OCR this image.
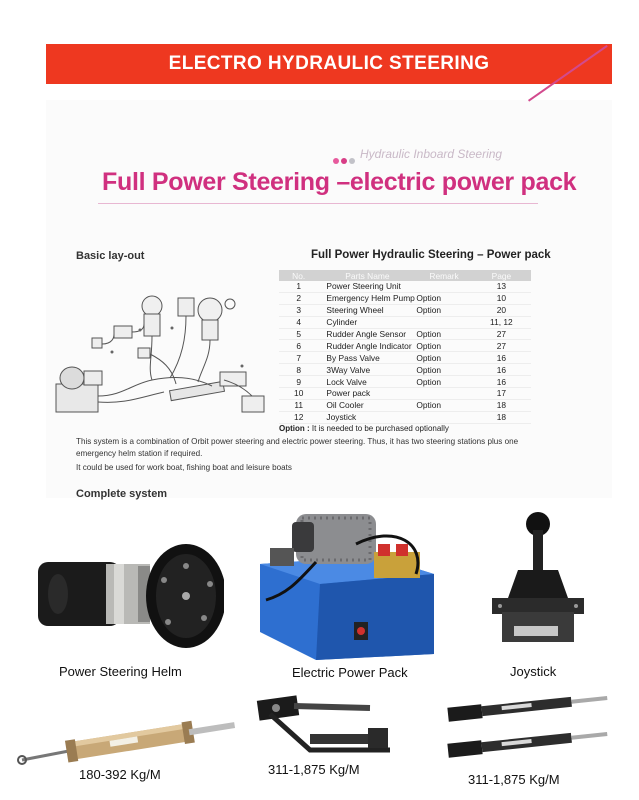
ELECTRO HYDRAULIC STEERING
Hydraulic Inboard Steering
Full Power Steering –electric power pack
Basic lay-out	Full Power Hydraulic Steering – Power pack
No.	Parts Name	Remark	Page
1	Power Steering Unit		13
2	Emergency Helm Pump	Option	10
3	Steering Wheel	Option	20
4	Cylinder		11, 12
5	Rudder Angle Sensor	Option	27
6	Rudder Angle Indicator	Option	27
7	By Pass Valve	Option	16
8	3Way Valve	Option	16
9	Lock Valve	Option	16
10	Power pack		17
11	Oil Cooler	Option	18
12	Joystick		18
Option : It is needed to be purchased optionally
This system is a combination of Orbit power steering and electric power steering. Thus, it has two steering stations plus one emergency helm station if required.
It could be used for work boat, fishing boat and leisure boats
Complete system
Power Steering Helm	Electric Power Pack	Joystick
180-392 Kg/M	311-1,875 Kg/M
311-1,875 Kg/M
